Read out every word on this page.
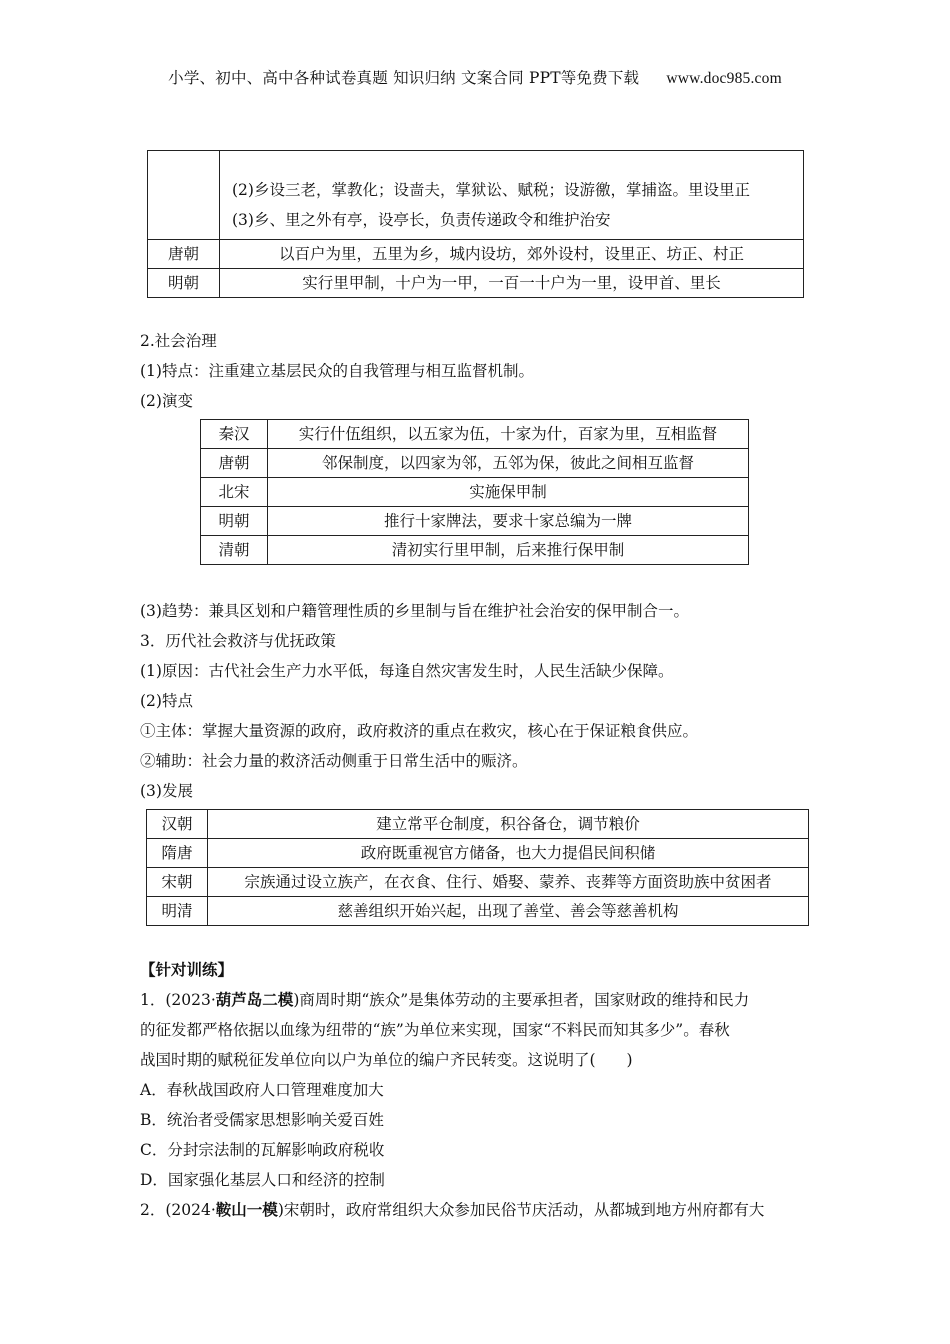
小学、初中、高中各种试卷真题 知识归纳 文案合同 PPT等免费下载 www.doc985.com

	(2)乡设三老，掌教化；设啬夫，掌狱讼、赋税；设游徼，掌捕盗。里设里正
(3)乡、里之外有亭，设亭长，负责传递政令和维护治安

唐朝	以百户为里，五里为乡，城内设坊，郊外设村，设里正、坊正、村正
明朝	实行里甲制，十户为一甲，一百一十户为一里，设甲首、里长
2.社会治理
(1)特点：注重建立基层民众的自我管理与相互监督机制。
(2)演变
秦汉	实行什伍组织，以五家为伍，十家为什，百家为里，互相监督
唐朝	邻保制度，以四家为邻，五邻为保，彼此之间相互监督
北宋	实施保甲制
明朝	推行十家牌法，要求十家总编为一牌
清朝	清初实行里甲制，后来推行保甲制
(3)趋势：兼具区划和户籍管理性质的乡里制与旨在维护社会治安的保甲制合一。
3．历代社会救济与优抚政策
(1)原因：古代社会生产力水平低，每逢自然灾害发生时，人民生活缺少保障。
(2)特点
①主体：掌握大量资源的政府，政府救济的重点在救灾，核心在于保证粮食供应。
②辅助：社会力量的救济活动侧重于日常生活中的赈济。
(3)发展
汉朝	建立常平仓制度，积谷备仓，调节粮价
隋唐	政府既重视官方储备，也大力提倡民间积储
宋朝	宗族通过设立族产，在衣食、住行、婚娶、蒙养、丧葬等方面资助族中贫困者
明清	慈善组织开始兴起，出现了善堂、善会等慈善机构
【针对训练】
1．(2023·葫芦岛二模)商周时期“族众”是集体劳动的主要承担者，国家财政的维持和民力
的征发都严格依据以血缘为纽带的“族”为单位来实现，国家“不料民而知其多少”。春秋
战国时期的赋税征发单位向以户为单位的编户齐民转变。这说明了(　　)
A．春秋战国政府人口管理难度加大
B．统治者受儒家思想影响关爱百姓
C．分封宗法制的瓦解影响政府税收
D．国家强化基层人口和经济的控制
2．(2024·鞍山一模)宋朝时，政府常组织大众参加民俗节庆活动，从都城到地方州府都有大
